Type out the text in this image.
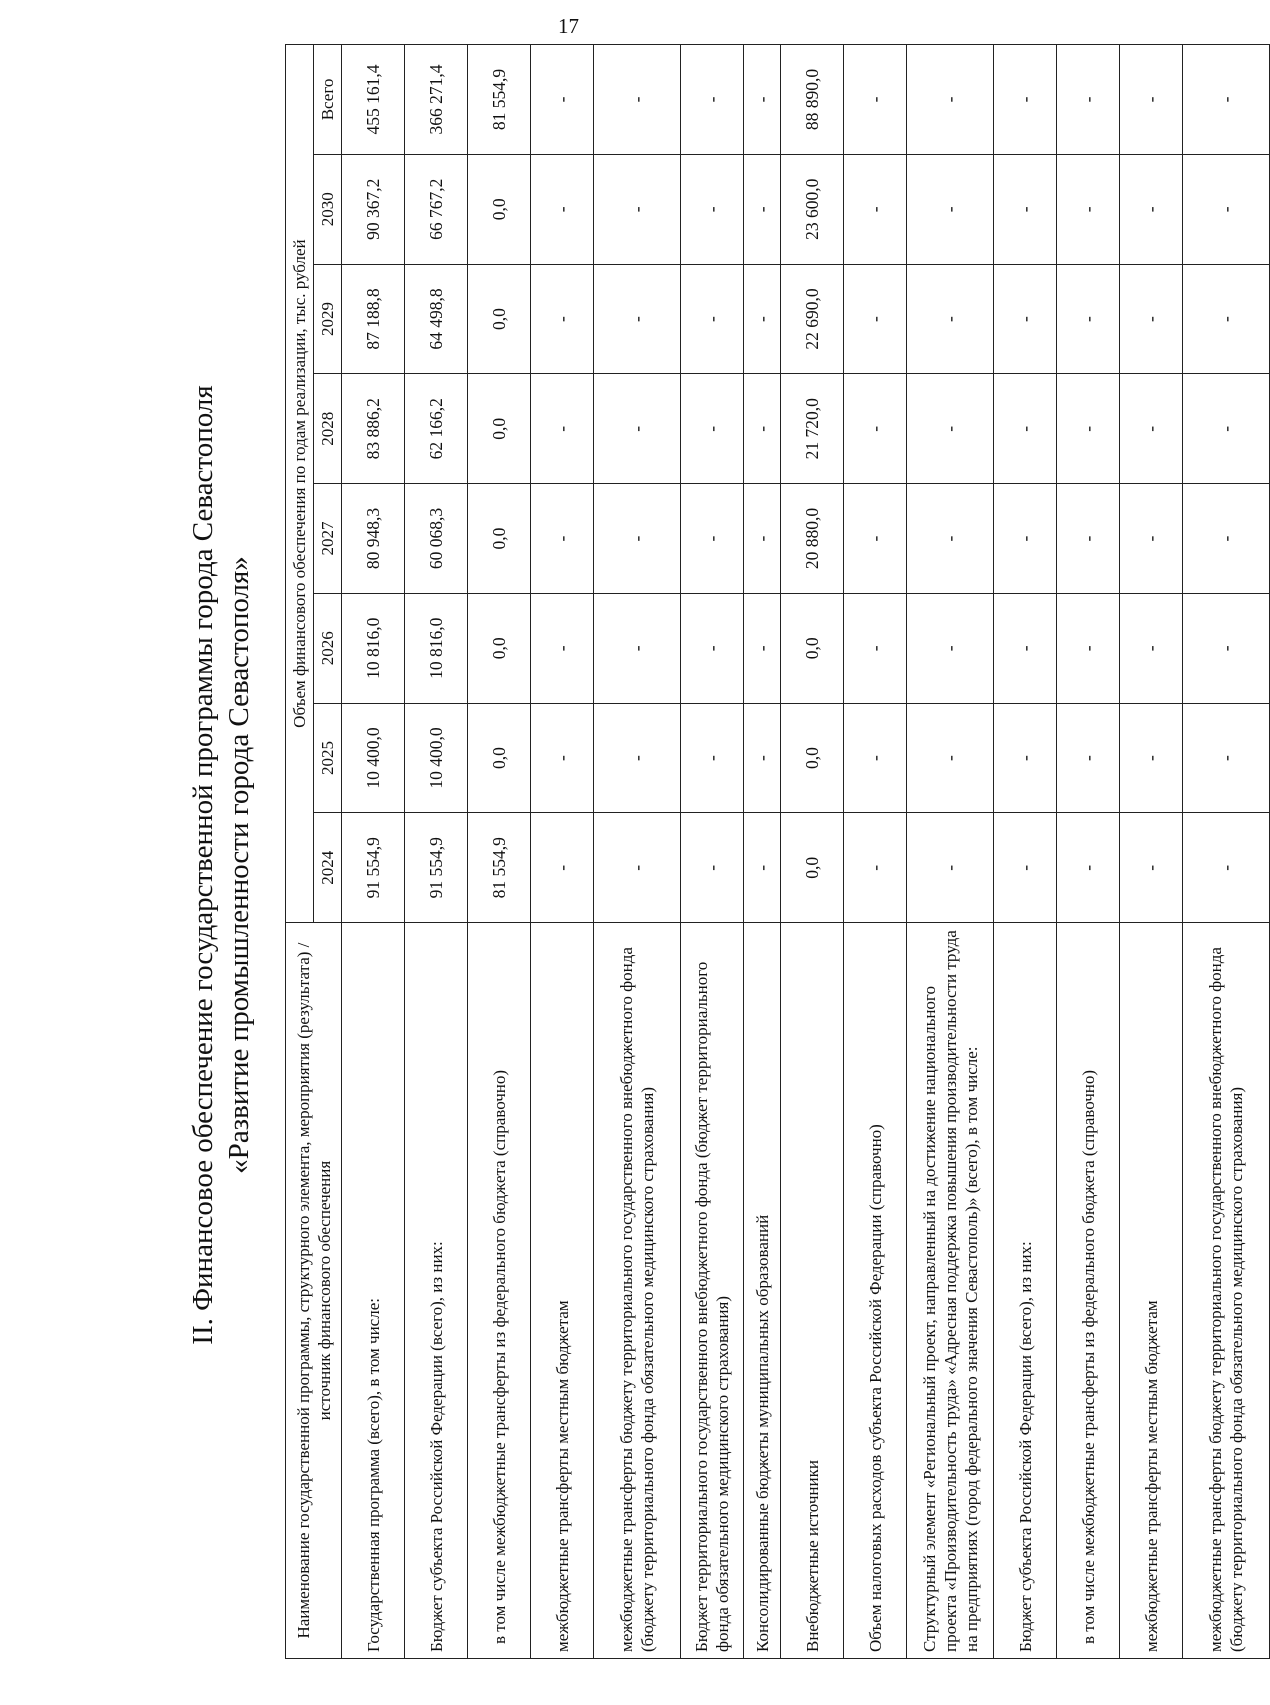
17
II. Финансовое обеспечение государственной программы города Севастополя «Развитие промышленности города Севастополя»
Наименование государственной программы, структурного элемента, мероприятия (результата) / источник финансового обеспечения	Объем финансового обеспечения по годам реализации, тыс. рублей							
	2024	2025	2026	2027	2028	2029	2030	Всего
Государственная программа (всего), в том числе:	91 554,9	10 400,0	10 816,0	80 948,3	83 886,2	87 188,8	90 367,2	455 161,4
Бюджет субъекта Российской Федерации (всего), из них:	91 554,9	10 400,0	10 816,0	60 068,3	62 166,2	64 498,8	66 767,2	366 271,4
в том числе межбюджетные трансферты из федерального бюджета (справочно)	81 554,9	0,0	0,0	0,0	0,0	0,0	0,0	81 554,9
межбюджетные трансферты местным бюджетам	-	-	-	-	-	-	-	-
межбюджетные трансферты бюджету территориального государственного внебюджетного фонда (бюджету территориального фонда обязательного медицинского страхования)	-	-	-	-	-	-	-	-
Бюджет территориального государственного внебюджетного фонда (бюджет территориального фонда обязательного медицинского страхования)	-	-	-	-	-	-	-	-
Консолидированные бюджеты муниципальных образований	-	-	-	-	-	-	-	-
Внебюджетные источники	0,0	0,0	0,0	20 880,0	21 720,0	22 690,0	23 600,0	88 890,0
Объем налоговых расходов субъекта Российской Федерации (справочно)	-	-	-	-	-	-	-	-
Структурный элемент «Региональный проект, направленный на достижение национального проекта «Производительность труда» «Адресная поддержка повышения производительности труда на предприятиях (город федерального значения Севастополь)» (всего), в том числе:	-	-	-	-	-	-	-	-
Бюджет субъекта Российской Федерации (всего), из них:	-	-	-	-	-	-	-	-
в том числе межбюджетные трансферты из федерального бюджета (справочно)	-	-	-	-	-	-	-	-
межбюджетные трансферты местным бюджетам	-	-	-	-	-	-	-	-
межбюджетные трансферты бюджету территориального государственного внебюджетного фонда (бюджету территориального фонда обязательного медицинского страхования)	-	-	-	-	-	-	-	-
